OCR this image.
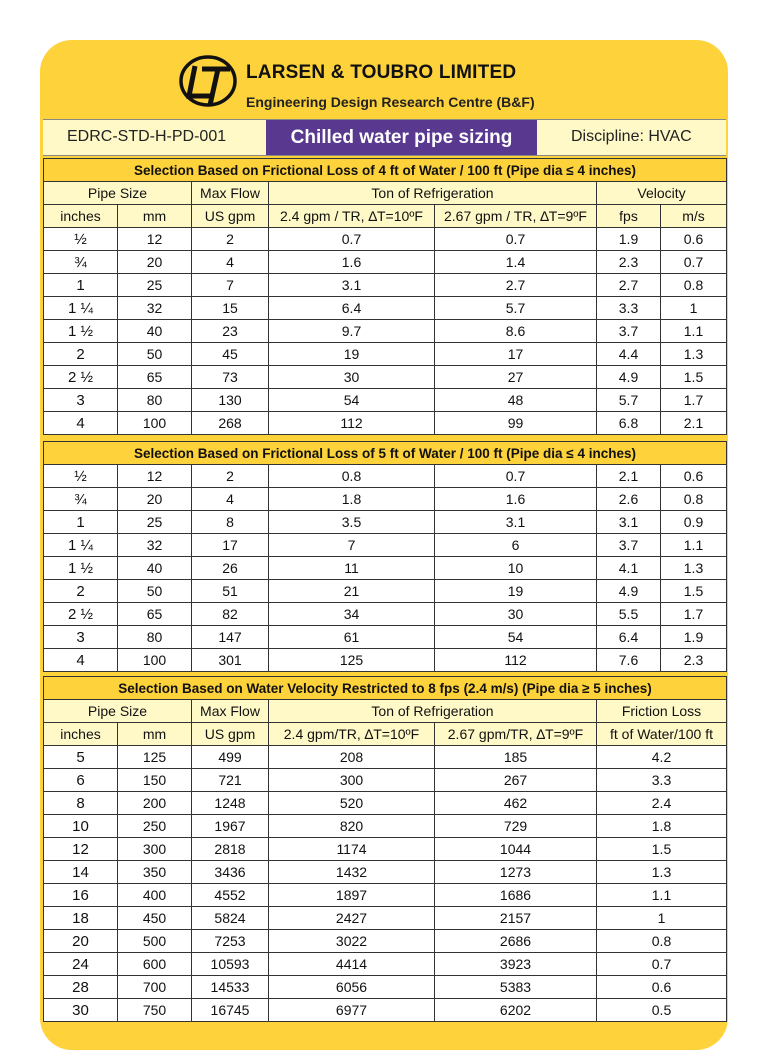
LARSEN & TOUBRO LIMITED
Engineering Design Research Centre (B&F)
EDRC-STD-H-PD-001	Chilled water pipe sizing	Discipline: HVAC
Selection Based on Frictional Loss of 4 ft of Water / 100 ft (Pipe dia ≤ 4 inches)						
Pipe Size		Max Flow	Ton of Refrigeration		Velocity	
inches	mm	US gpm	2.4 gpm / TR, ∆T=10ºF	2.67 gpm / TR, ∆T=9ºF	fps	m/s
½	12	2	0.7	0.7	1.9	0.6
¾	20	4	1.6	1.4	2.3	0.7
1	25	7	3.1	2.7	2.7	0.8
1 ¼	32	15	6.4	5.7	3.3	1
1 ½	40	23	9.7	8.6	3.7	1.1
2	50	45	19	17	4.4	1.3
2 ½	65	73	30	27	4.9	1.5
3	80	130	54	48	5.7	1.7
4	100	268	112	99	6.8	2.1
Selection Based on Frictional Loss of 5 ft of Water / 100 ft (Pipe dia ≤ 4 inches)						
½	12	2	0.8	0.7	2.1	0.6
¾	20	4	1.8	1.6	2.6	0.8
1	25	8	3.5	3.1	3.1	0.9
1 ¼	32	17	7	6	3.7	1.1
1 ½	40	26	11	10	4.1	1.3
2	50	51	21	19	4.9	1.5
2 ½	65	82	34	30	5.5	1.7
3	80	147	61	54	6.4	1.9
4	100	301	125	112	7.6	2.3
Selection Based on Water Velocity Restricted to 8 fps (2.4 m/s) (Pipe dia ≥ 5 inches)					
Pipe Size		Max Flow	Ton of Refrigeration		Friction Loss
inches	mm	US gpm	2.4 gpm/TR, ∆T=10ºF	2.67 gpm/TR, ∆T=9ºF	ft of Water/100 ft
5	125	499	208	185	4.2
6	150	721	300	267	3.3
8	200	1248	520	462	2.4
10	250	1967	820	729	1.8
12	300	2818	1174	1044	1.5
14	350	3436	1432	1273	1.3
16	400	4552	1897	1686	1.1
18	450	5824	2427	2157	1
20	500	7253	3022	2686	0.8
24	600	10593	4414	3923	0.7
28	700	14533	6056	5383	0.6
30	750	16745	6977	6202	0.5
